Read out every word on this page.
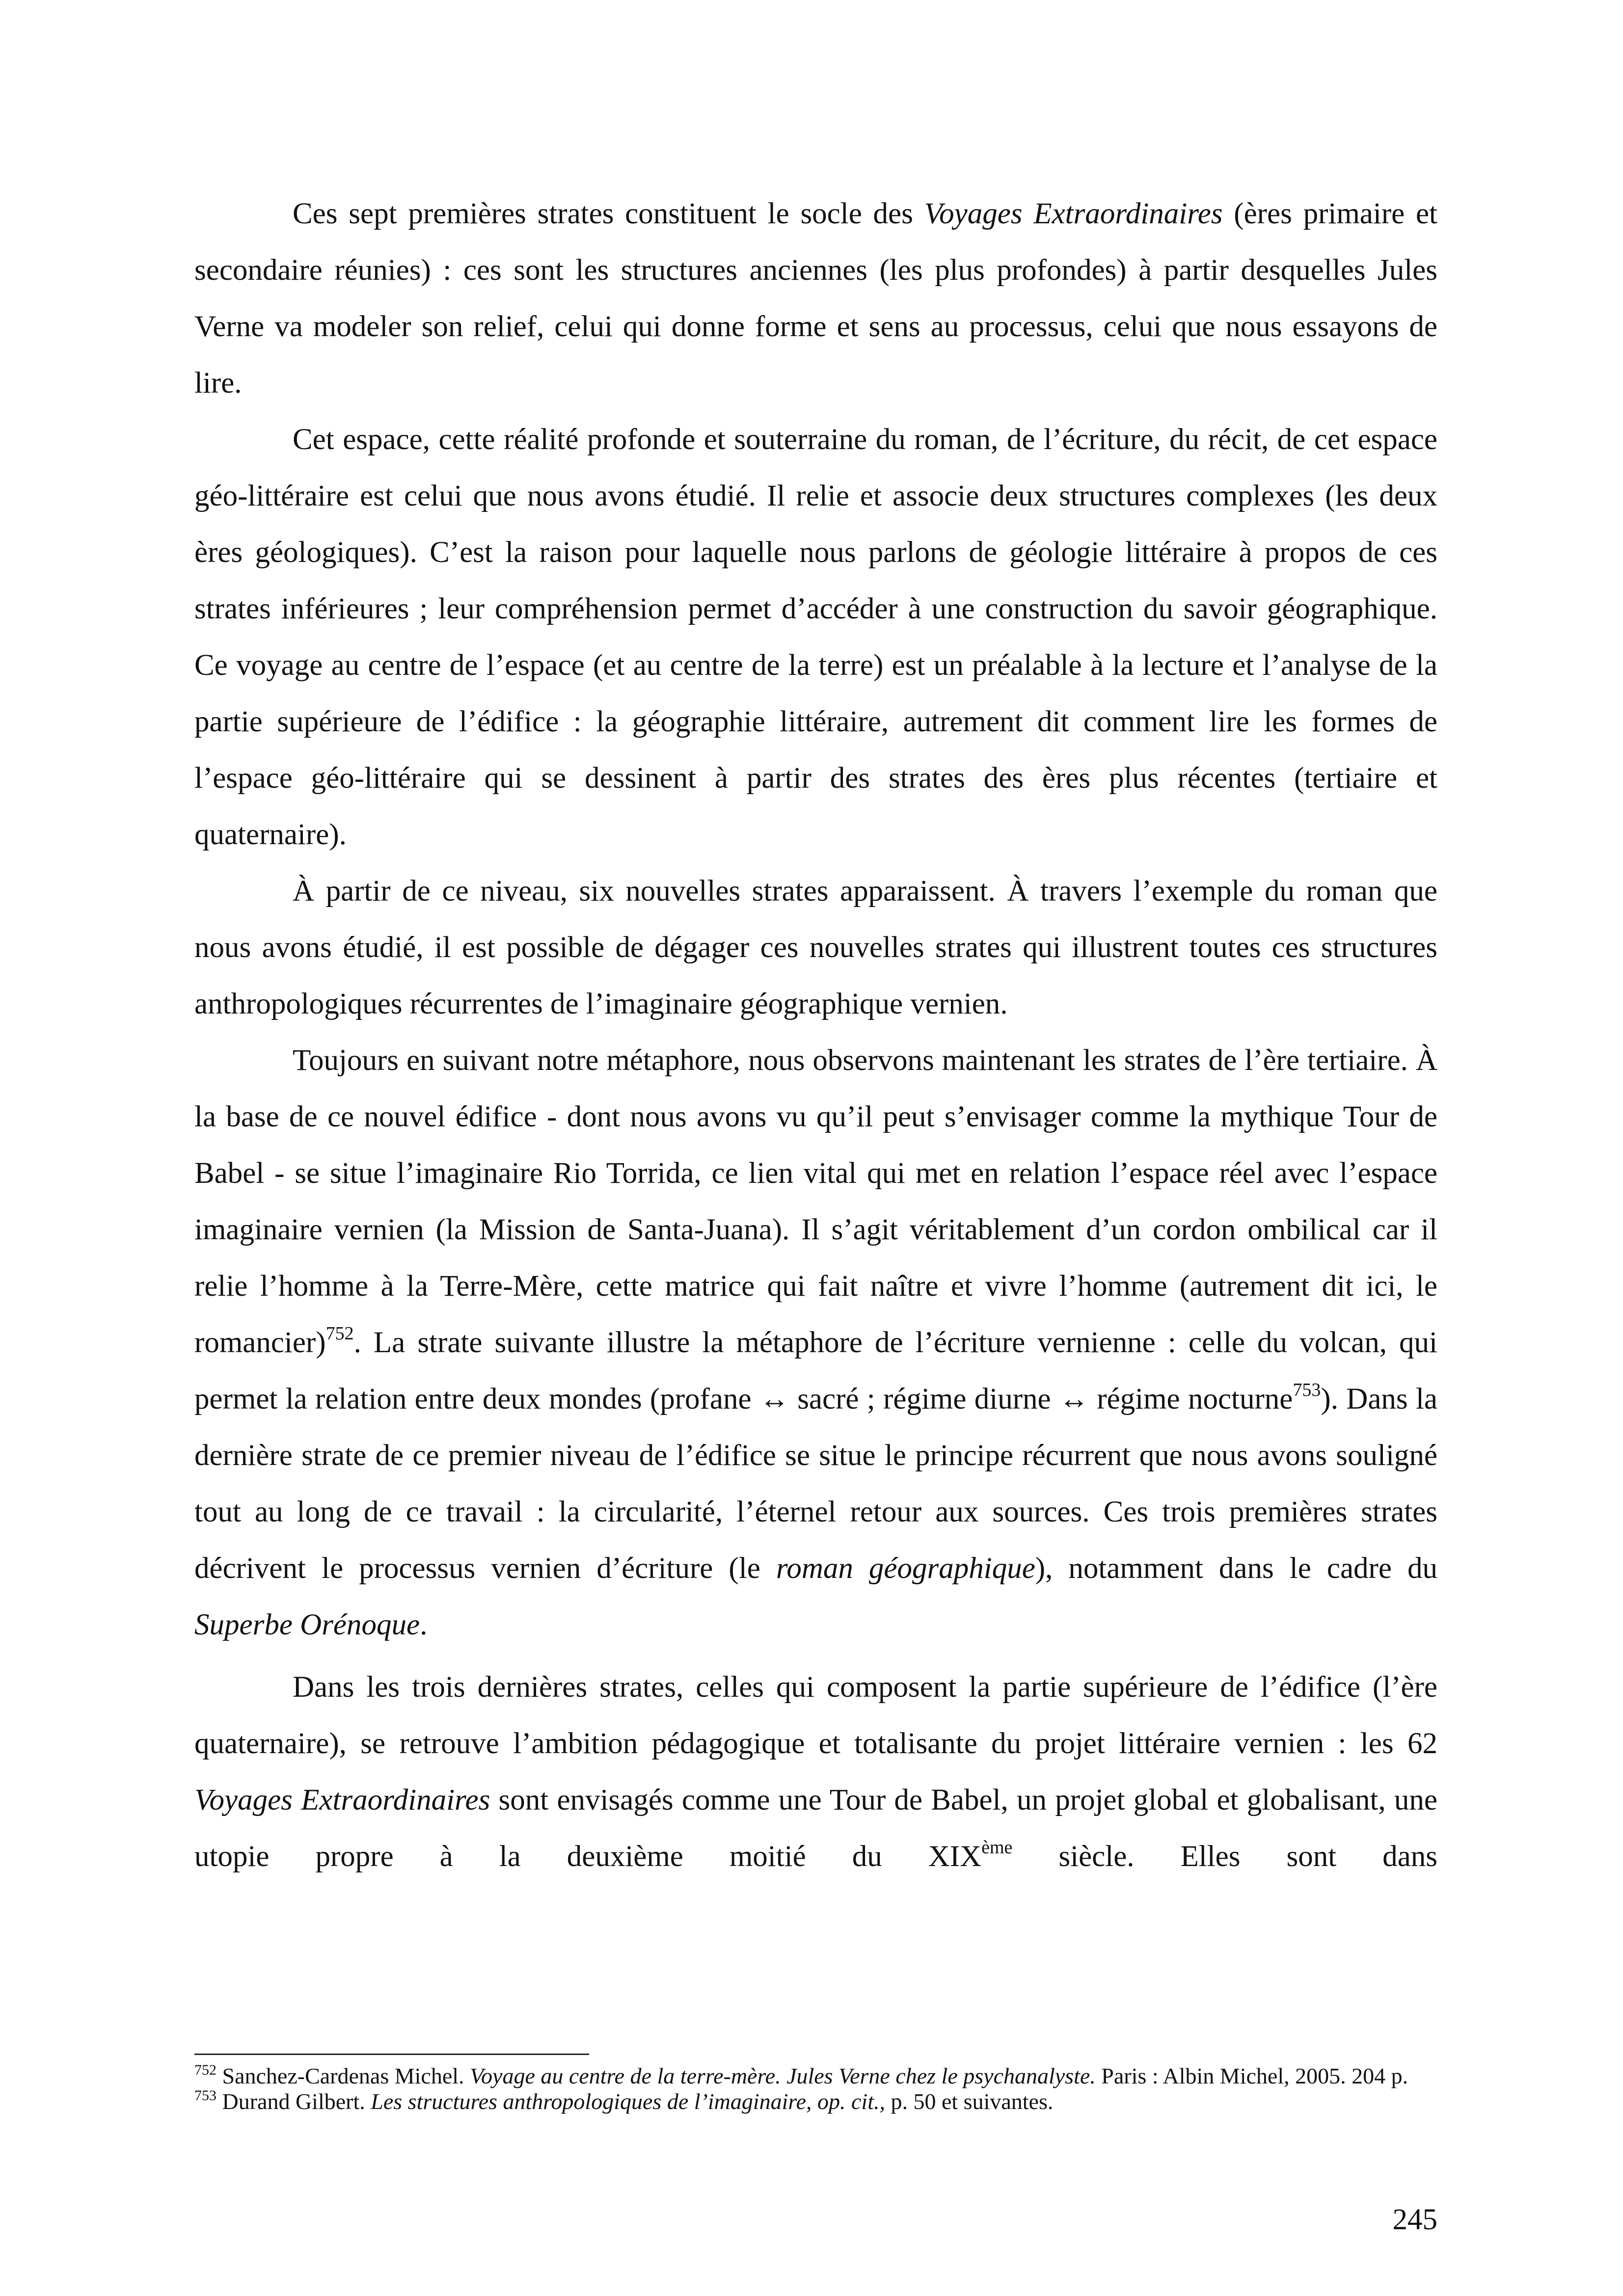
Ces sept premières strates constituent le socle des Voyages Extraordinaires (ères primaire et secondaire réunies) : ces sont les structures anciennes (les plus profondes) à partir desquelles Jules Verne va modeler son relief, celui qui donne forme et sens au processus, celui que nous essayons de lire.

Cet espace, cette réalité profonde et souterraine du roman, de l’écriture, du récit, de cet espace géo-littéraire est celui que nous avons étudié. Il relie et associe deux structures complexes (les deux ères géologiques). C’est la raison pour laquelle nous parlons de géologie littéraire à propos de ces strates inférieures ; leur compréhension permet d’accéder à une construction du savoir géographique. Ce voyage au centre de l’espace (et au centre de la terre) est un préalable à la lecture et l’analyse de la partie supérieure de l’édifice : la géographie littéraire, autrement dit comment lire les formes de l’espace géo-littéraire qui se dessinent à partir des strates des ères plus récentes (tertiaire et quaternaire).

À partir de ce niveau, six nouvelles strates apparaissent. À travers l’exemple du roman que nous avons étudié, il est possible de dégager ces nouvelles strates qui illustrent toutes ces structures anthropologiques récurrentes de l’imaginaire géographique vernien.

Toujours en suivant notre métaphore, nous observons maintenant les strates de l’ère tertiaire. À la base de ce nouvel édifice - dont nous avons vu qu’il peut s’envisager comme la mythique Tour de Babel - se situe l’imaginaire Rio Torrida, ce lien vital qui met en relation l’espace réel avec l’espace imaginaire vernien (la Mission de Santa-Juana). Il s’agit véritablement d’un cordon ombilical car il relie l’homme à la Terre-Mère, cette matrice qui fait naître et vivre l’homme (autrement dit ici, le romancier)$^{752}$. La strate suivante illustre la métaphore de l’écriture vernienne : celle du volcan, qui permet la relation entre deux mondes (profane ↔ sacré ; régime diurne ↔ régime nocturne$^{753}$). Dans la dernière strate de ce premier niveau de l’édifice se situe le principe récurrent que nous avons souligné tout au long de ce travail : la circularité, l’éternel retour aux sources. Ces trois premières strates décrivent le processus vernien d’écriture (le roman géographique), notamment dans le cadre du Superbe Orénoque.

Dans les trois dernières strates, celles qui composent la partie supérieure de l’édifice (l’ère quaternaire), se retrouve l’ambition pédagogique et totalisante du projet littéraire vernien : les 62 Voyages Extraordinaires sont envisagés comme une Tour de Babel, un projet global et globalisant, une utopie propre à la deuxième moitié du XIXème siècle. Elles sont dans

$^{752}$ Sanchez-Cardenas Michel. Voyage au centre de la terre-mère. Jules Verne chez le psychanalyste. Paris : Albin Michel, 2005. 204 p.

$^{753}$ Durand Gilbert. Les structures anthropologiques de l’imaginaire, op. cit., p. 50 et suivantes.

245
